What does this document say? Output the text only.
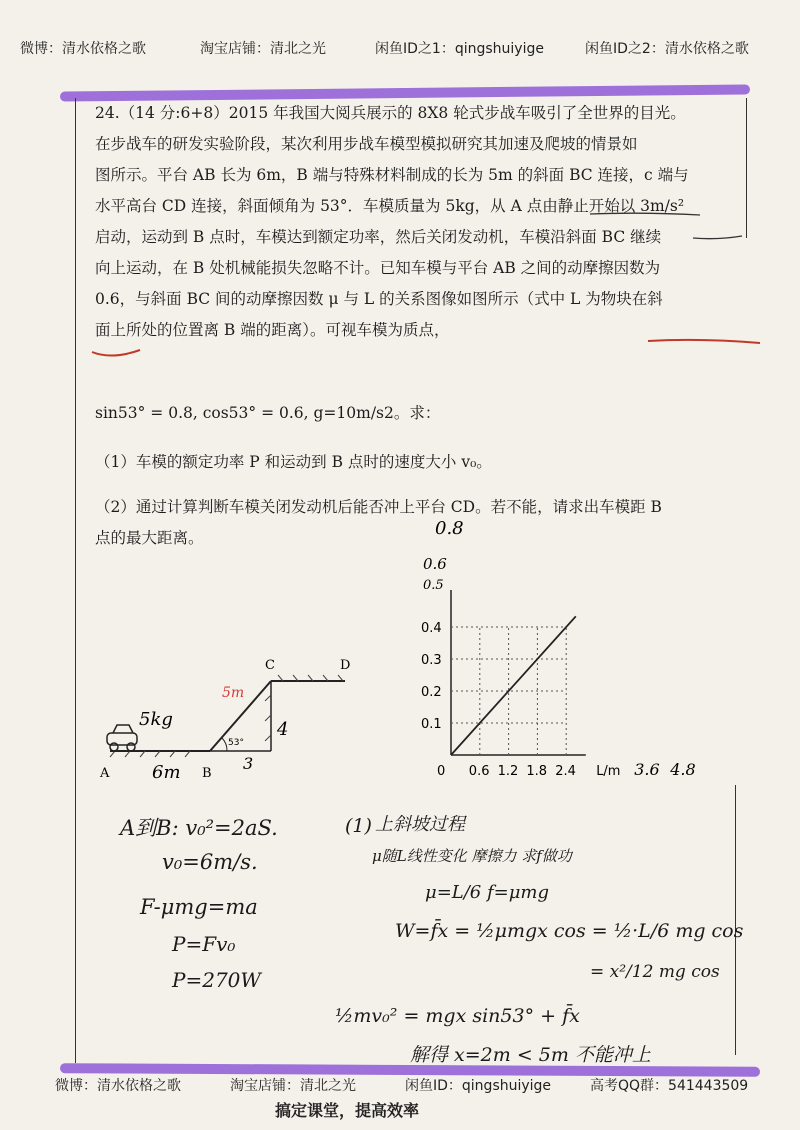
微博：清水依格之歌	淘宝店铺：清北之光	闲鱼ID之1：qingshuiyige	闲鱼ID之2：清水依格之歌

24.（14 分:6+8）2015 年我国大阅兵展示的 8X8 轮式步战车吸引了全世界的目光。

在步战车的研发实验阶段，某次利用步战车模型模拟研究其加速及爬坡的情景如

图所示。平台 AB 长为 6m，B 端与特殊材料制成的长为 5m 的斜面 BC 连接，c 端与

水平高台 CD 连接，斜面倾角为 53°．车模质量为 5kg，从 A 点由静止开始以 3m/s²

启动，运动到 B 点时，车模达到额定功率，然后关闭发动机，车模沿斜面 BC 继续

向上运动，在 B 处机械能损失忽略不计。已知车模与平台 AB 之间的动摩擦因数为

0.6，与斜面 BC 间的动摩擦因数 μ 与 L 的关系图像如图所示（式中 L 为物块在斜

面上所处的位置离 B 端的距离）。可视车模为质点，

sin53° = 0.8, cos53° = 0.6, g=10m/s2。求：

（1）车模的额定功率 P 和运动到 B 点时的速度大小 v₀。

（2）通过计算判断车模关闭发动机后能否冲上平台 CD。若不能，请求出车模距 B

点的最大距离。

53°
A	B
C	D
5m
6m
4
3
5kg	0.1
0.2
0.3
0.4
0.6 1.2 1.8 2.4
0	L/m
0.8
0.6
0.5
3.6 4.8
A到B: v₀²=2aS.
v₀=6m/s.
F-μmg=ma
P=Fv₀
P=270W
(1) 上斜坡过程
μ随L线性变化 摩擦力 求f做功
μ=L/6 f=μmg
W=f̄x = ½μmgx cos = ½·L/6 mg cos
= x²/12 mg cos
½mv₀² = mgx sin53° + f̄x
解得 x=2m < 5m 不能冲上
微博：清水依格之歌	淘宝店铺：清北之光	闲鱼ID：qingshuiyige	高考QQ群：541443509
搞定课堂，提高效率
